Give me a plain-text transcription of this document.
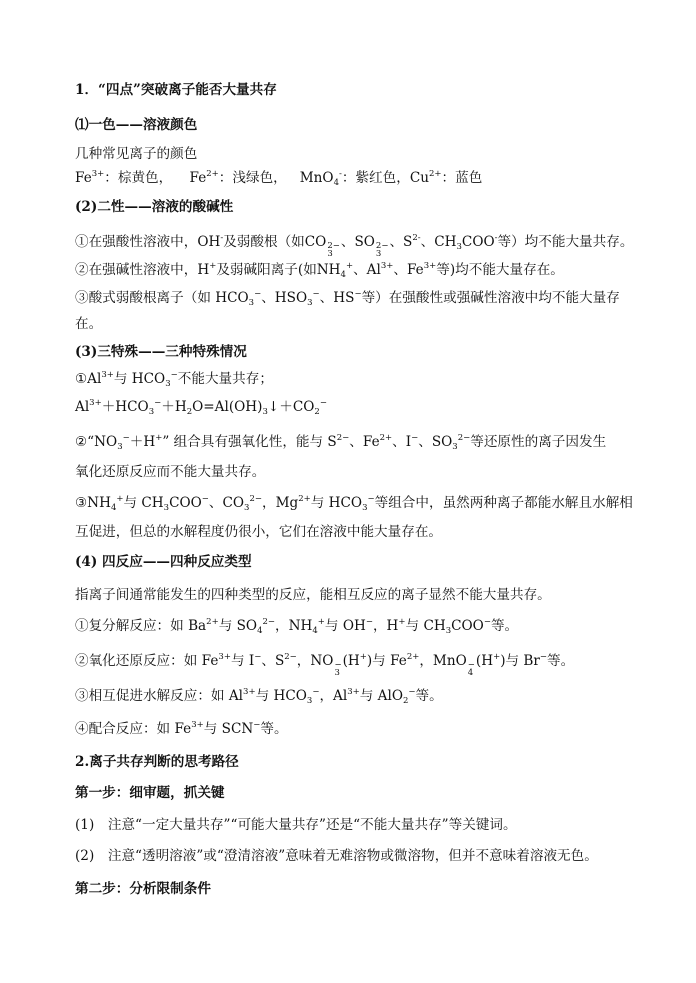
1．“四点”突破离子能否大量共存
⑴一色——溶液颜色
几种常见离子的颜色
$Fe^{3+}$：棕黄色， $Fe^{2+}$：浅绿色， MnO$_4$-：紫红色，$Cu^{2+}$：蓝色
(2)二性——溶液的酸碱性
①在强酸性溶液中，OH-及弱酸根（如CO 2−
3
、SO 2−
3
、$S^{2-}$、$CH_3COO^-$等）均不能大量共存。
②在强碱性溶液中，H+及弱碱阳离子(如$NH_4^+$、$Al^{3+}$、$Fe^{3+}$等)均不能大量存在。
③酸式弱酸根离子（如 $HCO_3^-$、$HSO_3^-$、HS−等）在强酸性或强碱性溶液中均不能大量存
在。
(3)三特殊——三种特殊情况
$①Al^{3+}$与 $HCO_3^-$不能大量共存；
$Al^{3+}+HCO_3^-+H_2O=Al(OH)_3↓+CO_2^-$
$②“NO_3^-+H^+$” 组合具有强氧化性，能与 $S^{2-}$、$Fe^{2+}$、I−、$SO_3^{2-}$等还原性的离子因发生
氧化还原反应而不能大量共存。
$③NH_4^+$与 $CH_3COO^-$、$CO_3^{2-}$，$Mg^{2+}$与 $HCO_3^-$等组合中，虽然两种离子都能水解且水解相
互促进，但总的水解程度仍很小，它们在溶液中能大量存在。
(4) 四反应——四种反应类型
指离子间通常能发生的四种类型的反应，能相互反应的离子显然不能大量共存。
①复分解反应：如 $Ba^{2+}$与 $SO_4^{2-}$，$NH_4^+$与 OH−，H+与 $CH_3COO^-$等。
②氧化还原反应：如 $Fe^{3+}$与 I−、$S^{2-}$，NO −
3
(H+)与 $Fe^{2+}$，MnO −
4
(H+)与 Br−等。
③相互促进水解反应：如 $Al^{3+}$与 $HCO_3^-$，$Al^{3+}$与 AlO$_2$−等。
④配合反应：如 $Fe^{3+}$与 SCN−等。
2.离子共存判断的思考路径
第一步：细审题，抓关键
(1)　注意“一定大量共存”“可能大量共存”还是“不能大量共存”等关键词。
(2)　注意“透明溶液”或“澄清溶液”意味着无难溶物或微溶物，但并不意味着溶液无色。
第二步：分析限制条件
